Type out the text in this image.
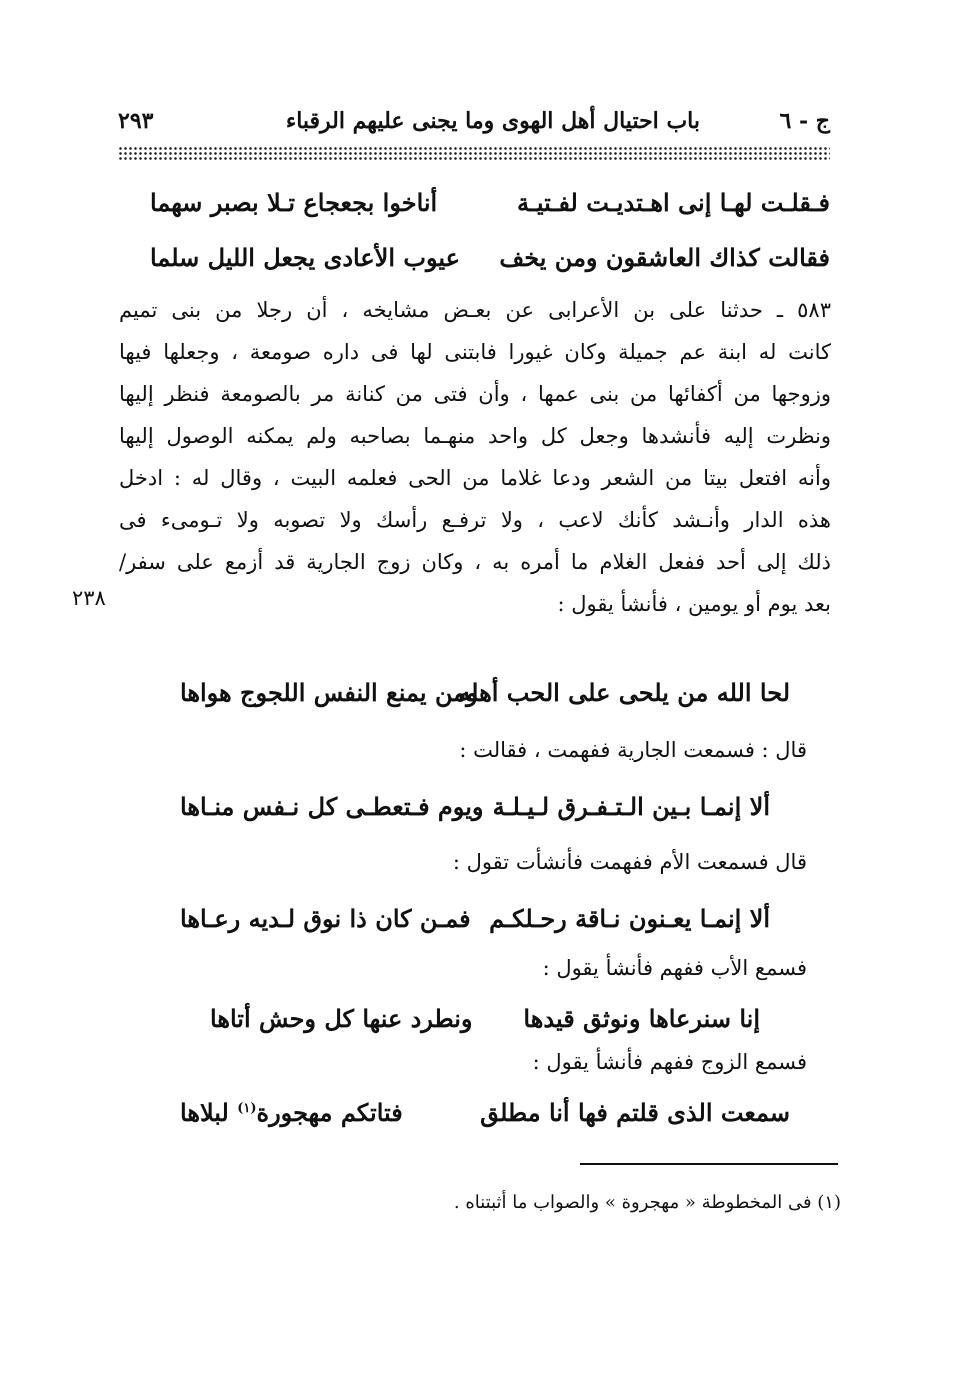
ج - ٦
باب احتيال أهل الهوى وما يجنى عليهم الرقباء
٢٩٣
فـقلـت لهـا إنى اهـتديـت لفـتيـة
أناخوا بجعجاع تـلا بصبر سهما
فقالت كذاك العاشقون ومن يخف
عيوب الأعادى يجعل الليل سلما
٥٨٣ ـ حدثنا على بن الأعرابى عن بعـض مشايخه ، أن رجلا من بنى تميم
كانت له ابنة عم جميلة وكان غيورا فابتنى لها فى داره صومعة ، وجعلها فيها
وزوجها من أكفائها من بنى عمها ، وأن فتى من كنانة مر بالصومعة فنظر إليها
ونظرت إليه فأنشدها وجعل كل واحد منهـما بصاحبه ولم يمكنه الوصول إليها
وأنه افتعل بيتا من الشعر ودعا غلاما من الحى فعلمه البيت ، وقال له : ادخل
هذه الدار وأنـشد كأنك لاعب ، ولا ترفـع رأسك ولا تصوبه ولا تـومىء فى
ذلك إلى أحد ففعل الغلام ما أمره به ، وكان زوج الجارية قد أزمع على سفر/
بعد يوم أو يومين ، فأنشأ يقول :
٢٣٨
لحا الله من يلحى على الحب أهله
ومن يمنع النفس اللجوج هواها
قال : فسمعت الجارية ففهمت ، فقالت :
ألا إنمـا بـين الـتـفـرق لـيـلـة
ويوم فـتعطـى كل نـفس منـاها
قال فسمعت الأم ففهمت فأنشأت تقول :
ألا إنمـا يعـنون نـاقة رحـلكـم
فمـن كان ذا نوق لـديه رعـاها
فسمع الأب ففهم فأنشأ يقول :
إنا سنرعاها ونوثق قيدها
ونطرد عنها كل وحش أتاها
فسمع الزوج ففهم فأنشأ يقول :
سمعت الذى قلتم فها أنا مطلق
فتاتكم مهجورة$^{(١)}$ لبلاها
(١) فى المخطوطة « مهجروة » والصواب ما أثبتناه .
